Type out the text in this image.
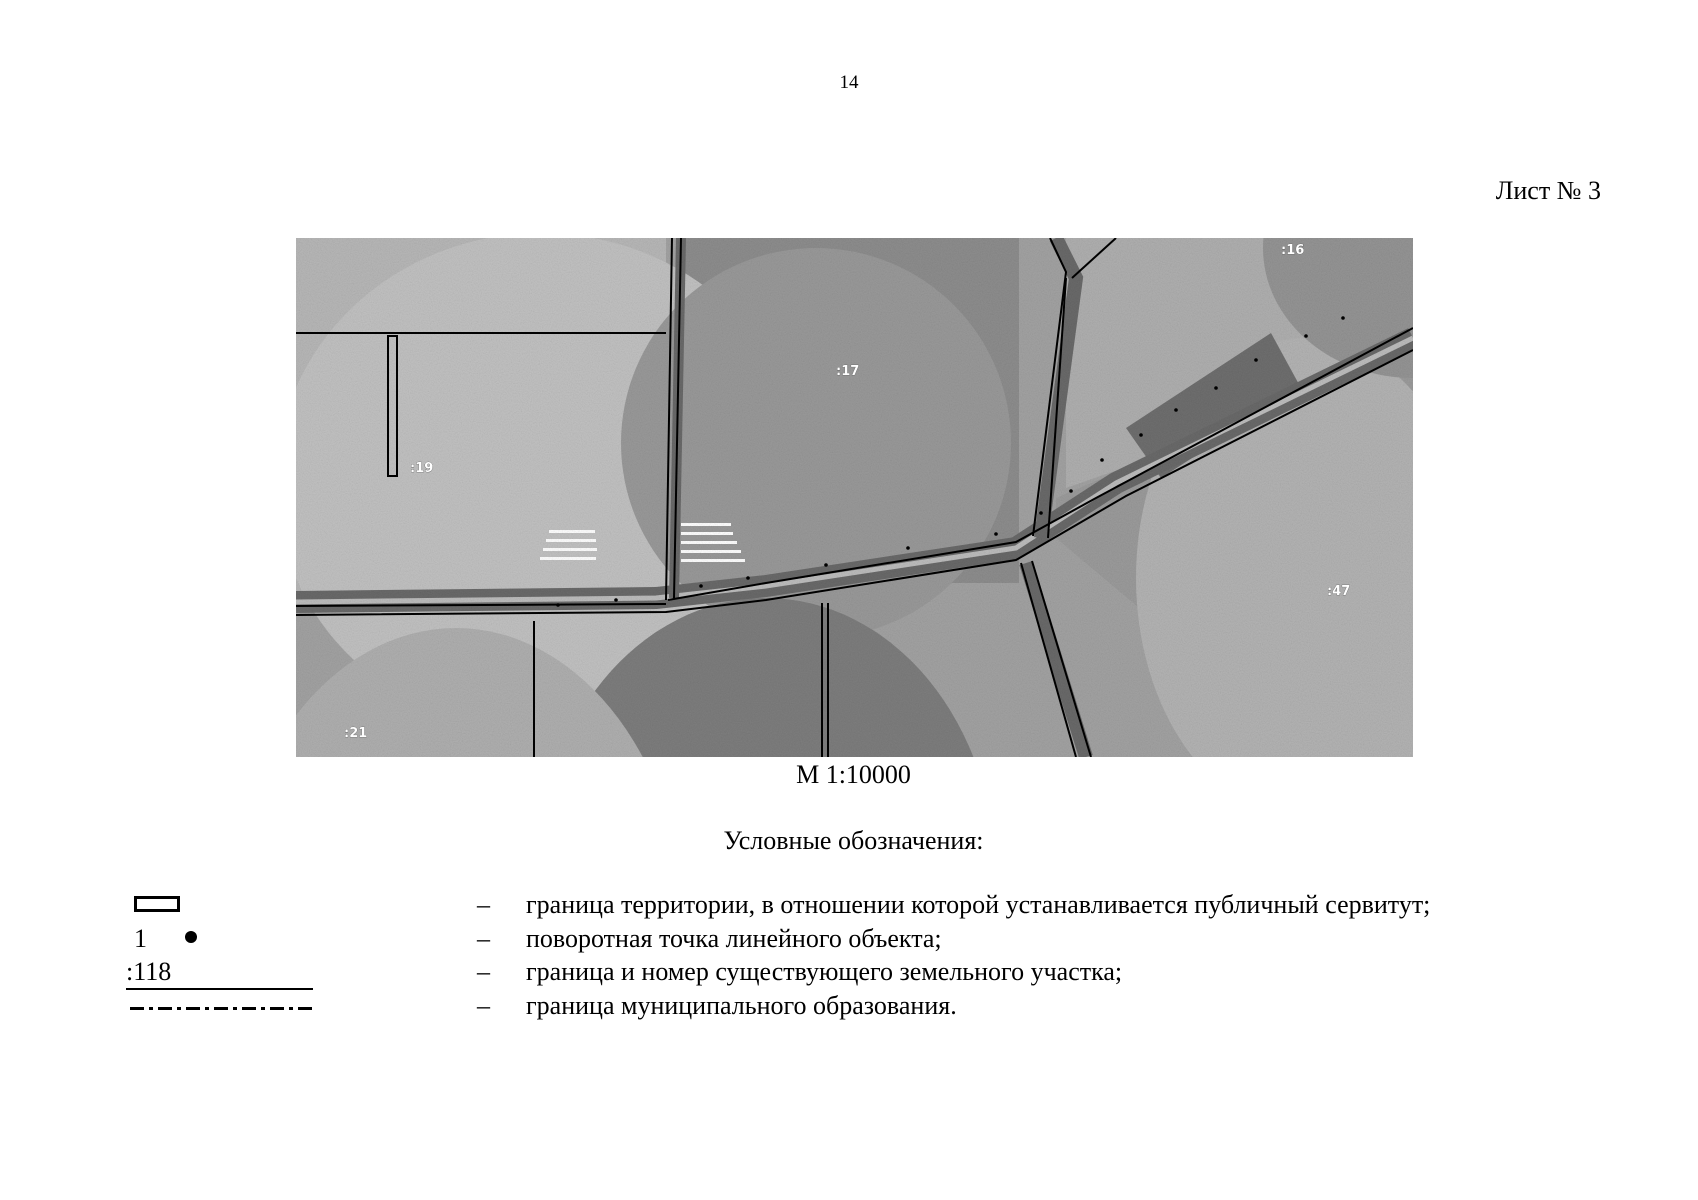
14
Лист № 3
:16
:17
:19
:47
:21
М 1:10000
Условные обозначения:
– граница территории, в отношении которой устанавливается публичный сервитут;
1	– поворотная точка линейного объекта;
:118	– граница и номер существующего земельного участка;
– граница муниципального образования.
